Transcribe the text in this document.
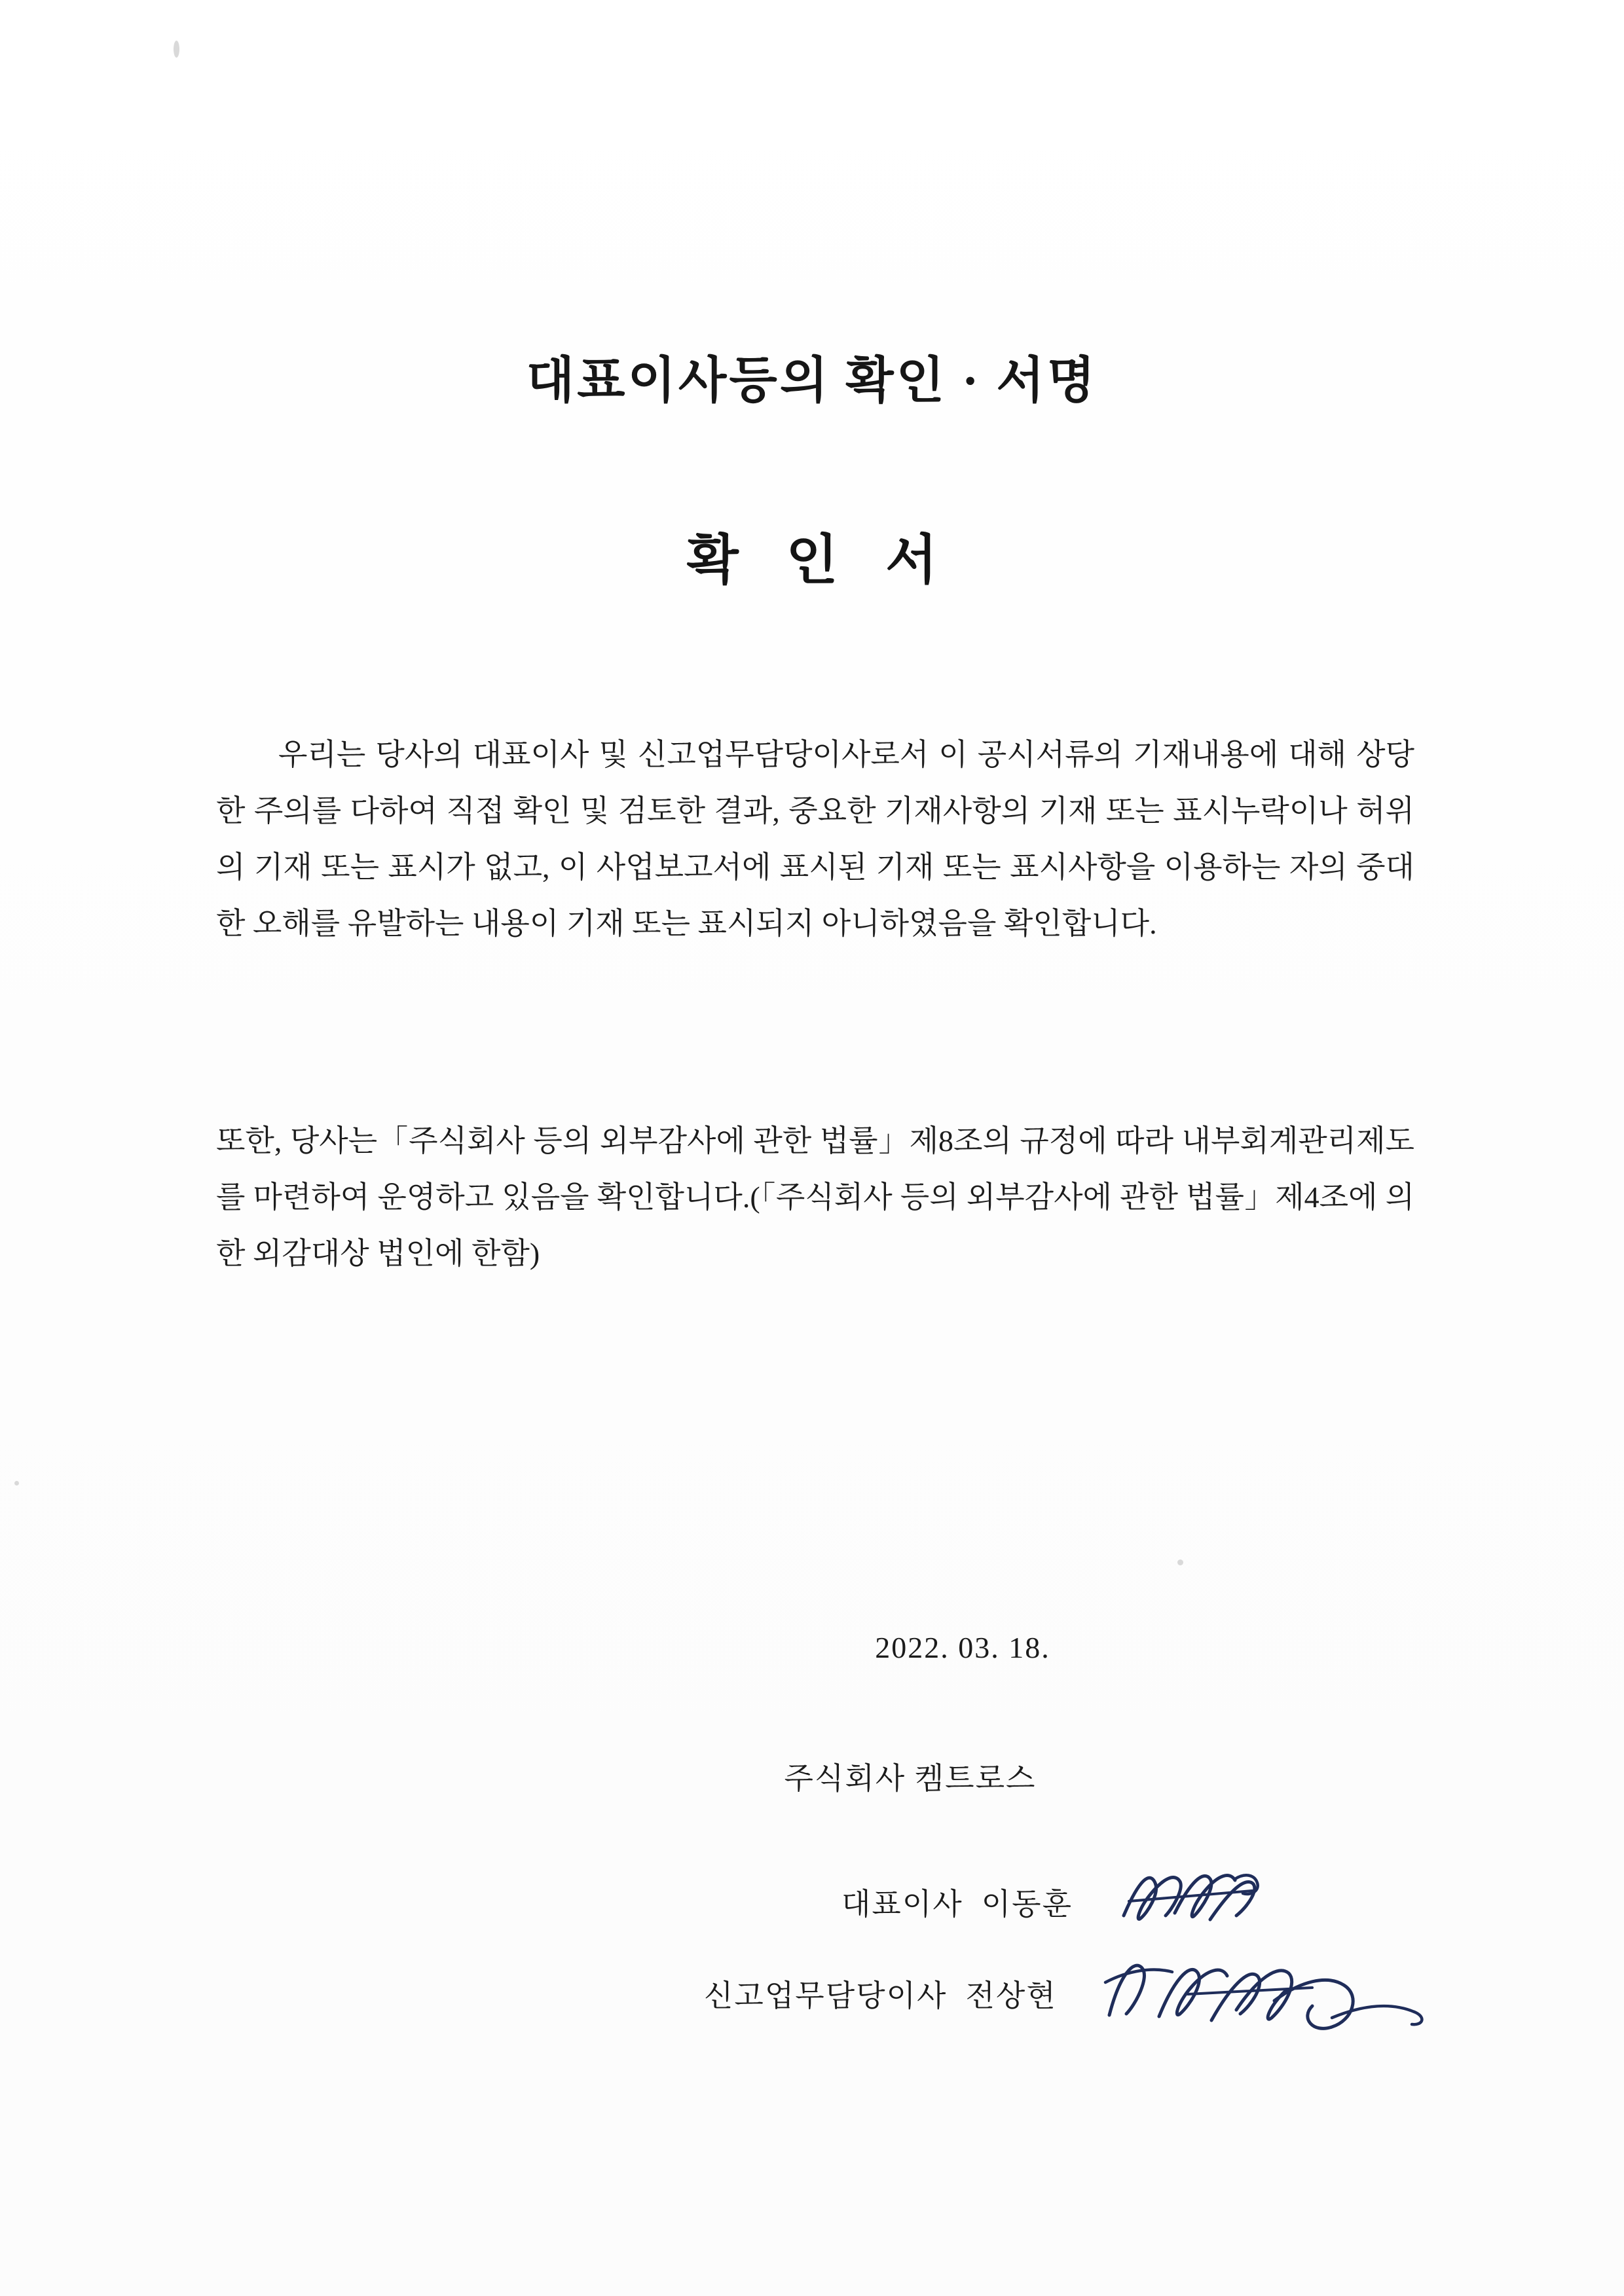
대표이사등의 확인 · 서명
확 인 서
우리는 당사의 대표이사 및 신고업무담당이사로서 이 공시서류의 기재내용에 대해 상당한 주의를 다하여 직접 확인 및 검토한 결과, 중요한 기재사항의 기재 또는 표시누락이나 허위의 기재 또는 표시가 없고, 이 사업보고서에 표시된 기재 또는 표시사항을 이용하는 자의 중대한 오해를 유발하는 내용이 기재 또는 표시되지 아니하였음을 확인합니다.
또한, 당사는「주식회사 등의 외부감사에 관한 법률」제8조의 규정에 따라 내부회계관리제도를 마련하여 운영하고 있음을 확인합니다.(「주식회사 등의 외부감사에 관한 법률」제4조에 의한 외감대상 법인에 한함)
2022. 03. 18.
주식회사 켐트로스
대표이사 이동훈
신고업무담당이사 전상현
